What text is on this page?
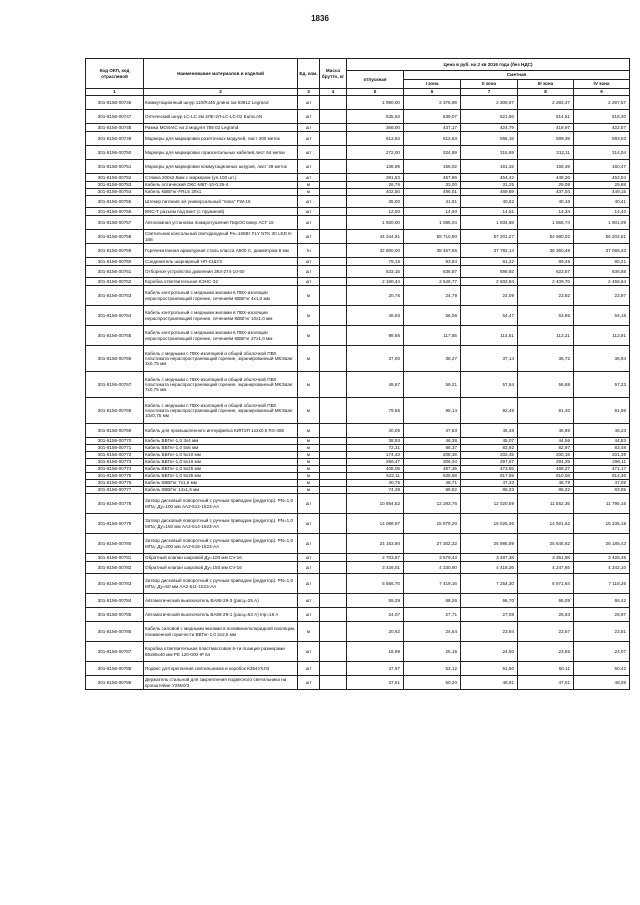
1836
Код ОКП, код отраслевой	Наименование материалов и изделий	Ед. изм.	Масса брутто, кг	Цена в руб. на 2 кв 2016 года (без НДС)				
				отпускная	Сметная			
					I зона	II зона	III зона	IV зона
1	2	3	4	5	6	7	8	9
301-8156-00746	Коммутационный шнур 110/RJ45 длина 1м 63912 Legrand	шт		1 990,00	2 375,98	2 309,67	2 283,47	2 297,57
301-8156-00747	Оптический шнур LC-LC 2м 4ЛЕ-2Л-LC-LC-02 EuroLAN	шт		535,53	639,07	621,56	614,51	618,30
301-8156-00748	Рамка MOSAIC на 2 модуля 788 02 Legrand	шт		366,00	437,17	424,79	419,97	422,57
301-8156-00749	Маркеры для маркировки розеточных модулей, лист 200 меток	шт		513,84	613,53	596,15	589,39	593,03
301-8156-00750	Маркеры для маркировки горизонтальных кабелей,лист 64 метки	шт		272,00	324,89	315,69	312,11	314,04
301-8156-00751	Маркеры для маркировки коммутационных шнуров, лист 49 меток	шт		138,99	166,02	161,32	159,49	160,47
301-8156-00752	Стяжка 200х2,5мм с маркером (уп.100 шт.)	шт		391,53	467,86	454,42	449,26	452,04
301-8156-00753	Кабель оптический ОКС-М6Т-10-0,35-4	м		26,76	33,00	31,25	29,08	29,88
301-8156-00754	Кабель КВВГнг-FRLS 29х1	м		402,50	496,01	469,89	437,04	449,15
301-8156-00755	Штекер питания э/к универсальный "папа" FW-16	шт		35,00	41,81	40,62	40,16	40,41
301-8156-00756	BNC-T разъем под винт (с пружиной)	шт		12,50	14,93	14,51	14,34	14,43
301-8156-00757	Автономная установка пожаротушения ПирОСтикер АСТ 15	шт		1 500,00	1 085,04	1 834,88	1 856,74	1 901,09
301-8156-00758	Светильник консольный светодиодный Рн=165Вт FLY NTK 30 LED 6-168	шт		44 344,91	59 710,90	57 201,27	54 980,02	56 202,51
301-8156-00759	Горячекатанная арматурная сталь класса А500 С, диаметром 8 мм	тн		32 600,00	38 467,86	37 782,14	36 350,48	37 068,33
301-8156-00760	Соединитель шарнирный НП-СШУЗ	шт		79,15	93,84	91,22	89,49	90,21
301-8156-00761	Отборное устройство давления ЗК4-274-10-50	шт		533,15	636,87	598,92	623,57	636,68
301-8156-00762	Коробка ответвительная КЭНС-32	шт		2 190,44	2 549,77	2 502,84	2 409,76	2 456,64
301-8156-00763	Кабель контрольный с медными жилами в ПВХ-изоляции нераспространяющий горение, сечением КВВГнг 4х1,0 мм	м		20,76	24,79	24,09	23,82	23,97
301-8156-00764	Кабель контрольный с медными жилами в ПВХ-изоляции нераспространяющий горение, сечением КВВГнг 10х1,0 мм	м		46,93	56,06	54,47	53,85	54,18
301-8156-00765	Кабель контрольный с медными жилами в ПВХ-изоляции нераспространяющий горение, сечением КВВГнг 27х1,0 мм	м		98,66	117,85	114,51	113,21	113,91
301-8156-00766	Кабель с медными с ПВХ-изоляцией и общей оболочкой ПВХ пластиката нераспространяющий горение, экранированный МКЭШнг 3х0,75 мм	м		37,00	38,27	37,14	36,72	36,94
301-8156-00767	Кабель с медными с ПВХ-изоляцией и общей оболочкой ПВХ пластиката нераспространяющий горение, экранированный МКЭШнг 7х0,75 мм	м		49,57	59,21	57,54	56,88	57,23
301-8156-00768	Кабель с медными с ПВХ-изоляцией и общей оболочкой ПВХ пластиката нераспространяющий горение, экранированный МКЭШнг 10х0,75 мм	м		79,65	95,14	92,45	91,40	91,96
301-8156-00769	Кабель для промышленного интерфейса КИПЭП 1х2х0,6 RS-485	м		40,05	47,83	46,48	45,95	46,23
301-8156-00770	Кабель ВВГнг-1,0 3х4 мм	м		38,93	46,38	45,07	44,56	44,83
301-8156-00771	Кабель ВВГнг-1,0 5х6 мм	м		72,31	86,37	83,92	82,97	83,48
301-8156-00772	Кабель ВВГнг-1,0 5х10 мм	м		174,43	208,35	202,45	200,15	201,39
301-8156-00773	Кабель ВВГнг-1,0 5х16 мм	м		256,47	306,34	297,67	294,29	296,11
301-8156-00774	Кабель ВВГнг-1,0 5х25 мм	м		408,09	487,45	473,65	468,27	471,17
301-8156-00775	Кабель ВВГнг-1,0 5х35 мм	м		532,11	635,58	617,59	610,58	614,36
301-8156-00776	Кабель КВВГнг 7х1,5 мм	м		40,76	48,71	47,33	46,79	47,08
301-8156-00777	Кабель КВВГнг 14х1,5 мм	м		74,39	88,82	86,33	85,32	83,85
301-8156-00778	Затвор дисковый поворотный с ручным приводом (редуктор). PN=1,0 МПа; Ду=100 мм АА2-512-1523-АА	шт		10 884,52	12 293,76	12 020,59	11 552,35	11 795,16
301-8156-00779	Затвор дисковый поворотный с ручным приводом (редуктор). PN=1,0 МПа; Ду=150 мм АА2-514-1523-АА	шт		14 088,97	15 879,20	15 526,36	14 921,62	15 235,19
301-8156-00780	Затвор дисковый поворотный с ручным приводом (редуктор). PN=1,0 МПа; Ду=200 мм АА2-515-1523-АА	шт		24 163,80	27 302,32	26 985,89	25 646,82	26 185,43
301-8156-00781	Обратный клапан шаровой Ду=100 мм CV-16	шт		2 703,67	3 579,43	3 487,38	3 351,98	3 426,49
301-8156-00782	Обратный клапан шаровой Ду=150 мм CV-16	шт		3 426,01	4 330,90	4 418,26	4 247,65	4 342,10
301-8156-00783	Затвор дисковый поворотный с ручным приводом (редуктор). PN=1,0 МПа; Ду=50 мм АА2-511-1523-АА	шт		6 566,70	7 419,16	7 254,30	6 971,84	7 118,26
301-8156-00784	Автоматический выключатель ВА88-29-3 (расц=25 А)	шт		59,29	68,26	66,70	66,09	66,42
301-8156-00785	Автоматический выключатель ВА88-29-1 (расц=63 А) Iпр=15 А	шт		24,07	27,71	27,08	26,83	26,97
301-8156-00786	Кабель силовой с медными жилами в поливинилхлоридной изоляции, пониженной горючести ВВГнг-1,0 2х2,5 мм	м		20,62	24,64	23,94	23,67	23,81
301-8156-00787	Коробка ответвительная пластмассовая 6-ти позиция размерами 85х85х40 мм PE 120-000-IP 54	шт		18,99	25,15	24,50	23,55	24,07
301-8156-00788	Подвес для крепления светильников и коробок КЗ54УХЛ3	шт		47,97	53,12	51,50	50,11	50,42
301-8156-00789	Держатель стальной для закрепления подвесного светильника на кронштейне У25МУЗ	шт		37,91	50,20	48,91	47,01	48,05
